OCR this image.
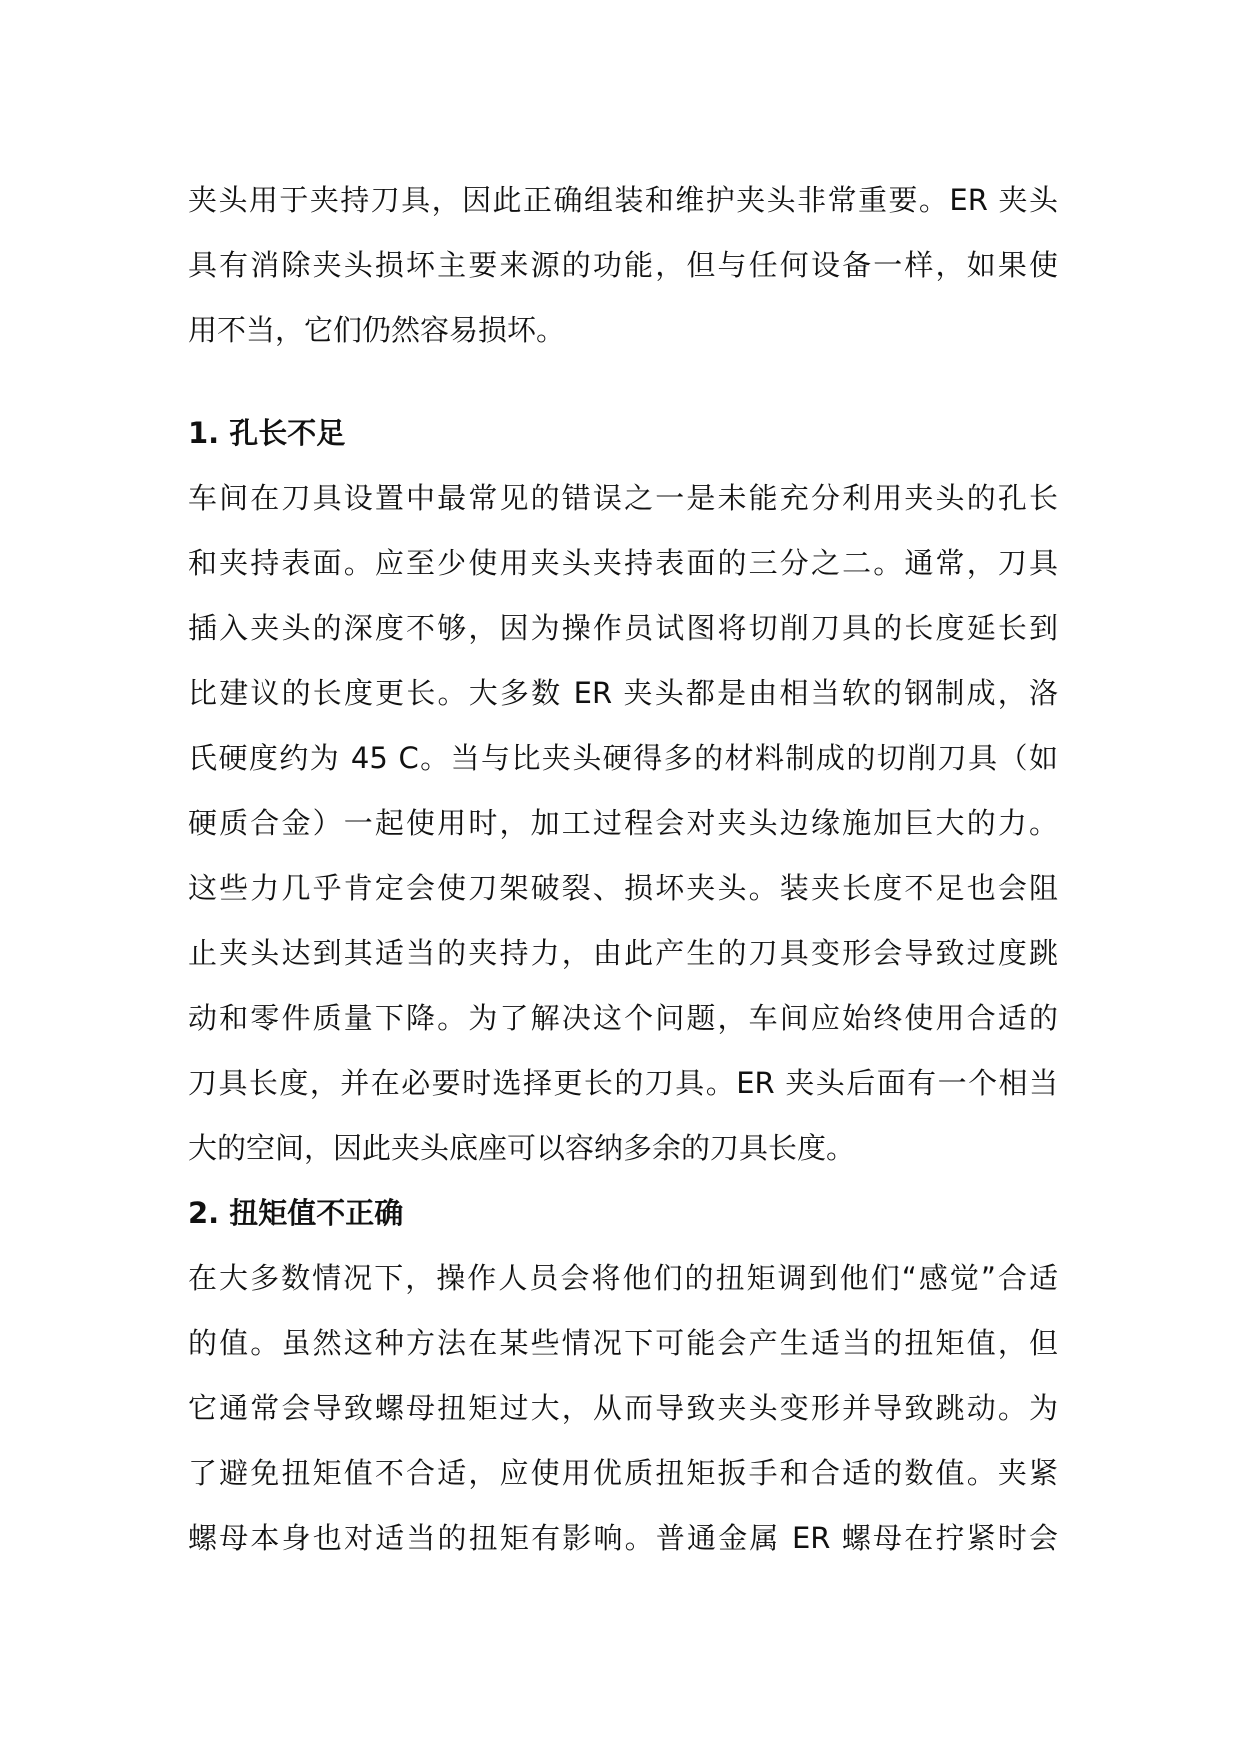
夹头用于夹持刀具，因此正确组装和维护夹头非常重要。ER 夹头
具有消除夹头损坏主要来源的功能，但与任何设备一样，如果使
用不当，它们仍然容易损坏。
1. 孔长不足
车间在刀具设置中最常见的错误之一是未能充分利用夹头的孔长
和夹持表面。应至少使用夹头夹持表面的三分之二。通常，刀具
插入夹头的深度不够，因为操作员试图将切削刀具的长度延长到
比建议的长度更长。大多数 ER 夹头都是由相当软的钢制成，洛
氏硬度约为 45 C。当与比夹头硬得多的材料制成的切削刀具（如
硬质合金）一起使用时，加工过程会对夹头边缘施加巨大的力。
这些力几乎肯定会使刀架破裂、损坏夹头。装夹长度不足也会阻
止夹头达到其适当的夹持力，由此产生的刀具变形会导致过度跳
动和零件质量下降。为了解决这个问题，车间应始终使用合适的
刀具长度，并在必要时选择更长的刀具。ER 夹头后面有一个相当
大的空间，因此夹头底座可以容纳多余的刀具长度。
2. 扭矩值不正确
在大多数情况下，操作人员会将他们的扭矩调到他们“感觉”合适
的值。虽然这种方法在某些情况下可能会产生适当的扭矩值，但
它通常会导致螺母扭矩过大，从而导致夹头变形并导致跳动。为
了避免扭矩值不合适，应使用优质扭矩扳手和合适的数值。夹紧
螺母本身也对适当的扭矩有影响。普通金属 ER 螺母在拧紧时会
